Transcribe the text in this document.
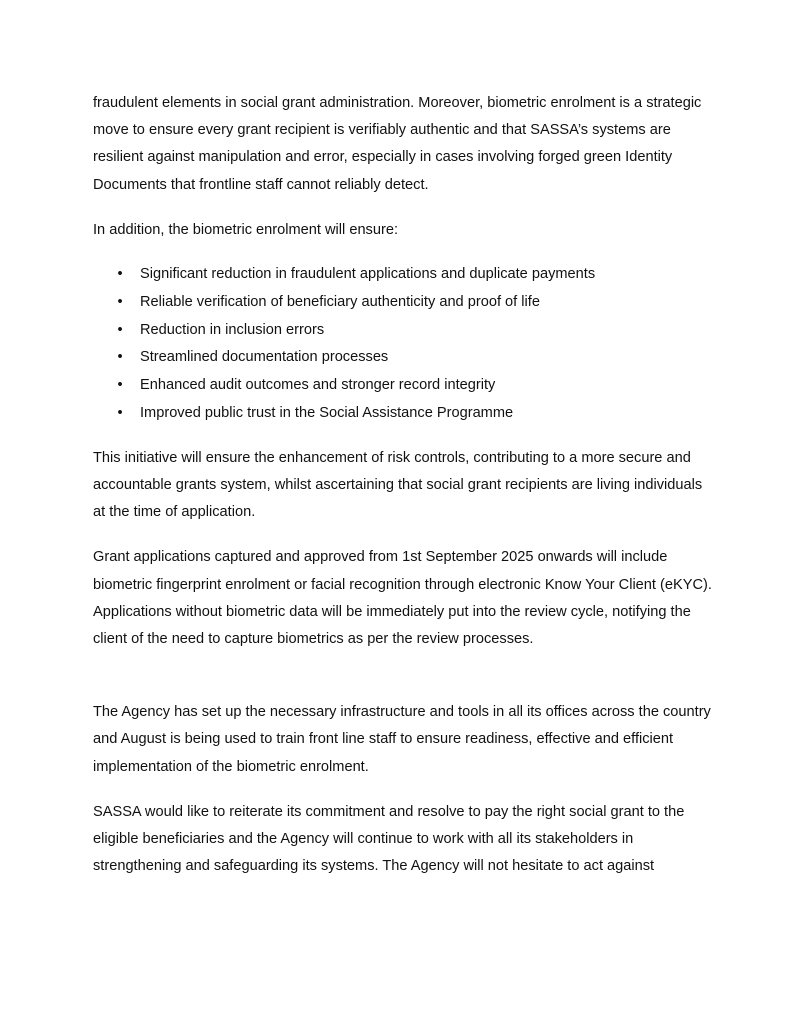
fraudulent elements in social grant administration. Moreover, biometric enrolment is a strategic move to ensure every grant recipient is verifiably authentic and that SASSA’s systems are resilient against manipulation and error, especially in cases involving forged green Identity Documents that frontline staff cannot reliably detect.

In addition, the biometric enrolment will ensure:

• Significant reduction in fraudulent applications and duplicate payments
• Reliable verification of beneficiary authenticity and proof of life
• Reduction in inclusion errors
• Streamlined documentation processes
• Enhanced audit outcomes and stronger record integrity
• Improved public trust in the Social Assistance Programme

This initiative will ensure the enhancement of risk controls, contributing to a more secure and accountable grants system, whilst ascertaining that social grant recipients are living individuals at the time of application.

Grant applications captured and approved from 1st September 2025 onwards will include biometric fingerprint enrolment or facial recognition through electronic Know Your Client (eKYC). Applications without biometric data will be immediately put into the review cycle, notifying the client of the need to capture biometrics as per the review processes.

The Agency has set up the necessary infrastructure and tools in all its offices across the country and August is being used to train front line staff to ensure readiness, effective and efficient implementation of the biometric enrolment.

SASSA would like to reiterate its commitment and resolve to pay the right social grant to the eligible beneficiaries and the Agency will continue to work with all its stakeholders in strengthening and safeguarding its systems. The Agency will not hesitate to act against
